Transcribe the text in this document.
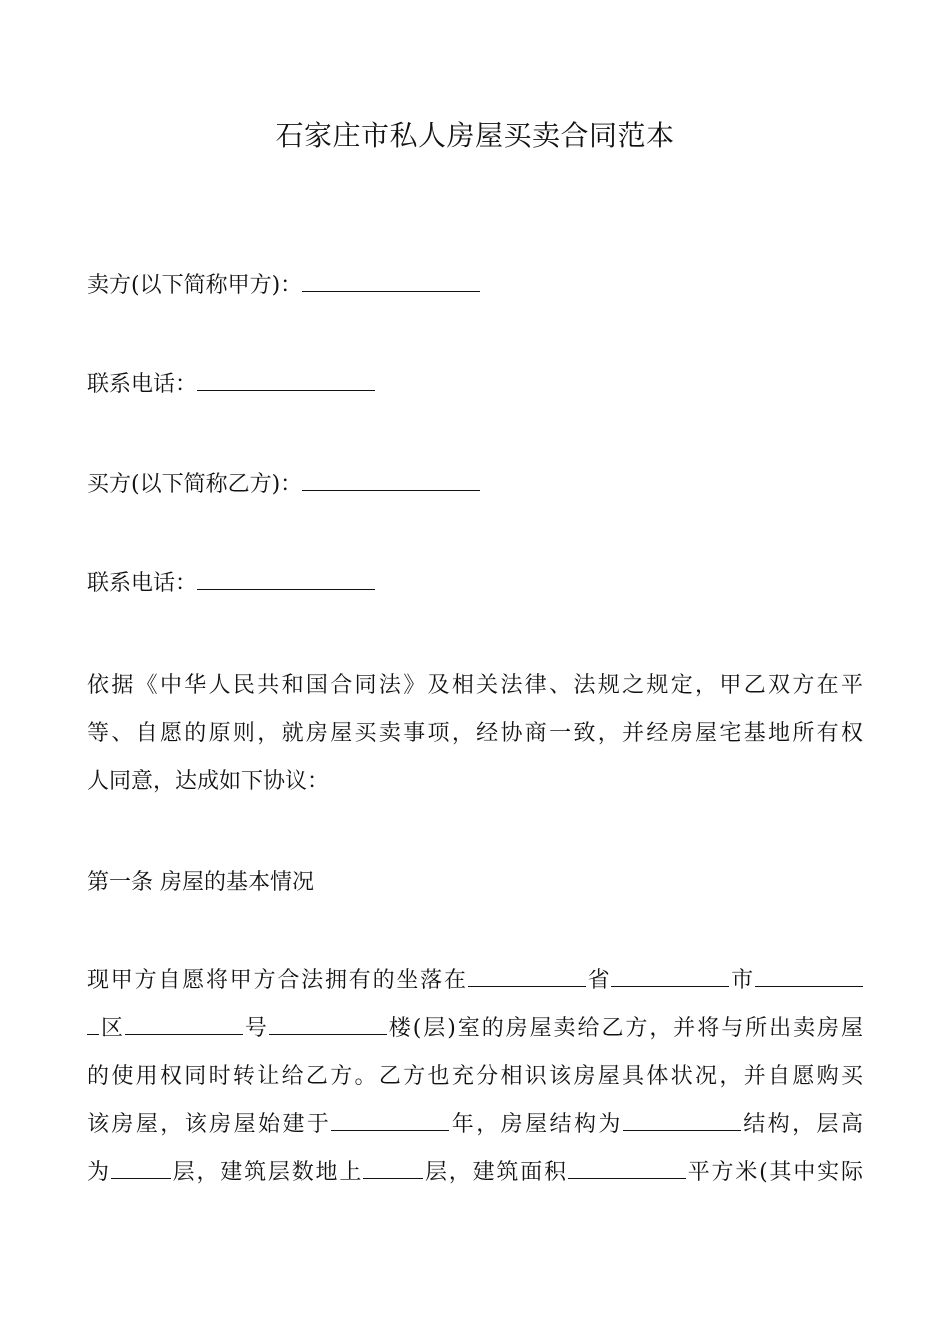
石家庄市私人房屋买卖合同范本
卖方(以下简称甲方)：
联系电话：
买方(以下简称乙方)：
联系电话：
依据《中华人民共和国合同法》及相关法律、法规之规定，甲乙双方在平
等、自愿的原则，就房屋买卖事项，经协商一致，并经房屋宅基地所有权
人同意，达成如下协议：
第一条 房屋的基本情况
现甲方自愿将甲方合法拥有的坐落在	省	市
区	号	楼(层)室的房屋卖给乙方，并将与所出卖房屋
的使用权同时转让给乙方。乙方也充分相识该房屋具体状况，并自愿购买
该房屋，该房屋始建于	年，房屋结构为	结构，层高
为	层，建筑层数地上	层，建筑面积	平方米(其中实际
